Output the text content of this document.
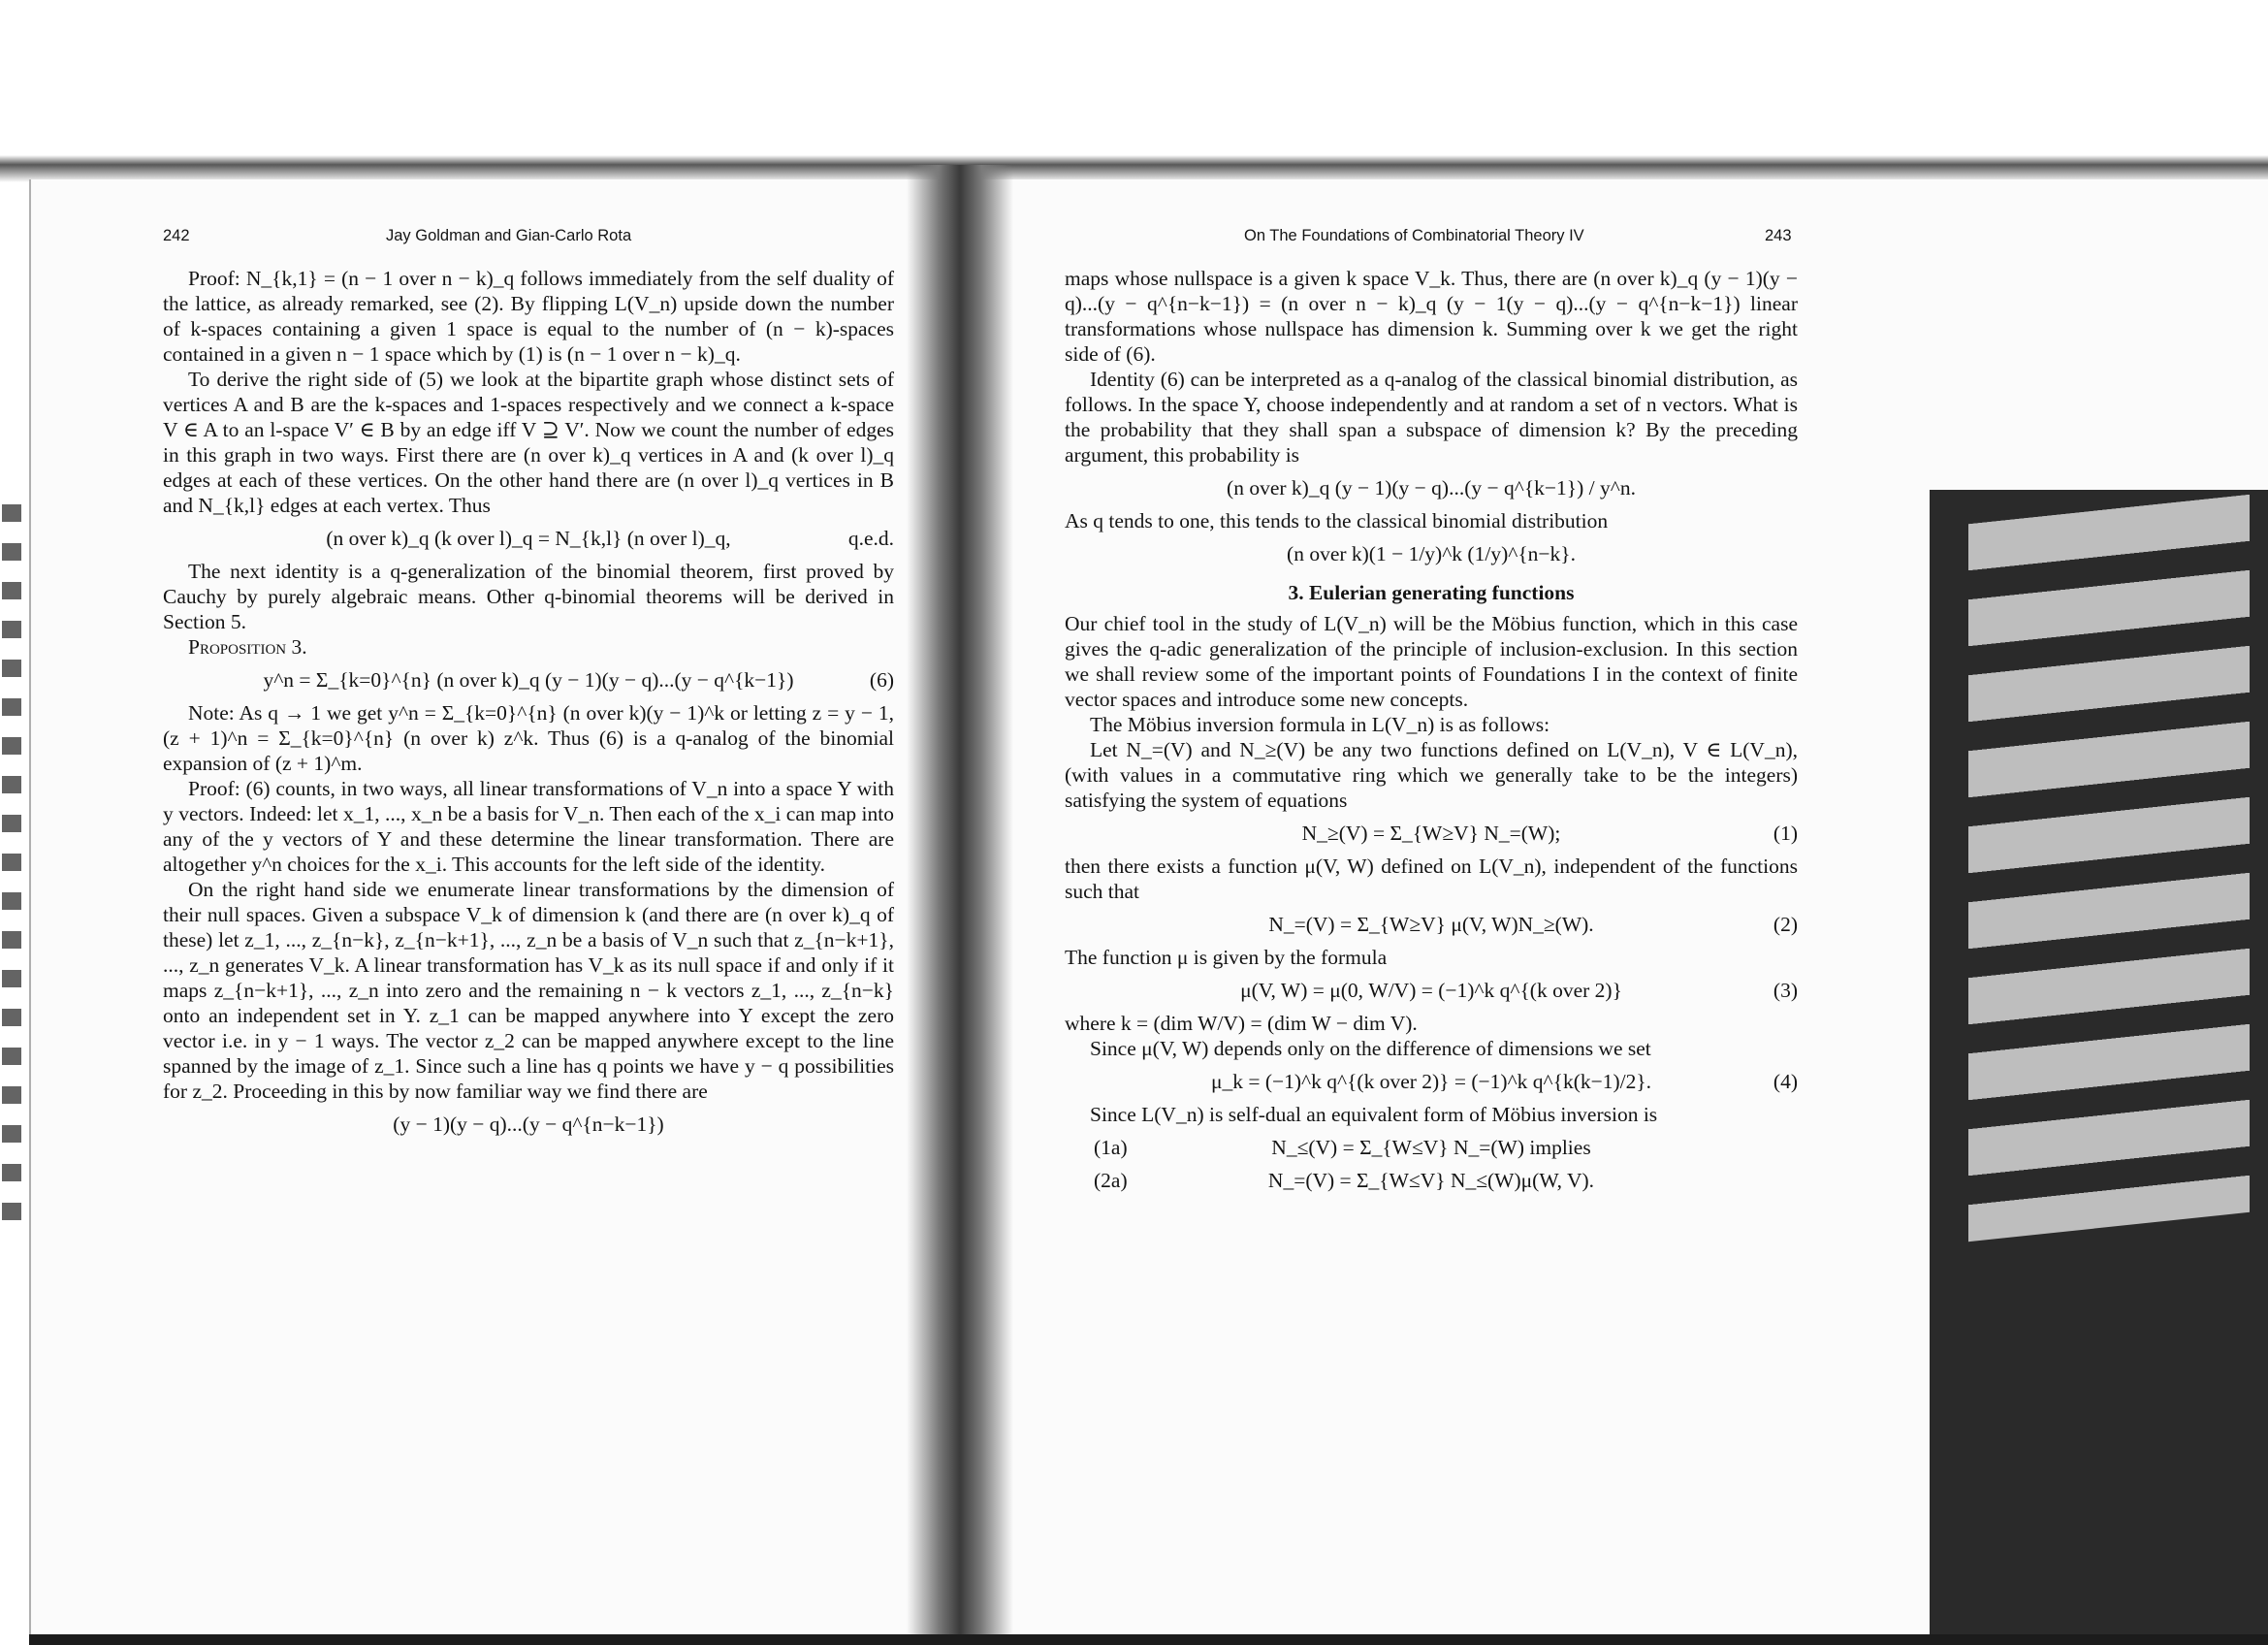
242	Jay Goldman and Gian-Carlo Rota

Proof: N_{k,1} = (n − 1 over n − k)_q follows immediately from the self duality of the lattice, as already remarked, see (2). By flipping L(V_n) upside down the number of k-spaces containing a given 1 space is equal to the number of (n − k)-spaces contained in a given n − 1 space which by (1) is (n − 1 over n − k)_q.

To derive the right side of (5) we look at the bipartite graph whose distinct sets of vertices A and B are the k-spaces and 1-spaces respectively and we connect a k-space V ∈ A to an l-space V′ ∈ B by an edge iff V ⊇ V′. Now we count the number of edges in this graph in two ways. First there are (n over k)_q vertices in A and (k over l)_q edges at each of these vertices. On the other hand there are (n over l)_q vertices in B and N_{k,l} edges at each vertex. Thus

(n over k)_q (k over l)_q = N_{k,l} (n over l)_q,	q.e.d.

The next identity is a q-generalization of the binomial theorem, first proved by Cauchy by purely algebraic means. Other q-binomial theorems will be derived in Section 5.

Proposition 3.

y^n = Σ_{k=0}^{n} (n over k)_q (y − 1)(y − q)...(y − q^{k−1})	(6)

Note: As q → 1 we get y^n = Σ_{k=0}^{n} (n over k)(y − 1)^k or letting z = y − 1, (z + 1)^n = Σ_{k=0}^{n} (n over k) z^k. Thus (6) is a q-analog of the binomial expansion of (z + 1)^m.

Proof: (6) counts, in two ways, all linear transformations of V_n into a space Y with y vectors. Indeed: let x_1, ..., x_n be a basis for V_n. Then each of the x_i can map into any of the y vectors of Y and these determine the linear transformation. There are altogether y^n choices for the x_i. This accounts for the left side of the identity.

On the right hand side we enumerate linear transformations by the dimension of their null spaces. Given a subspace V_k of dimension k (and there are (n over k)_q of these) let z_1, ..., z_{n−k}, z_{n−k+1}, ..., z_n be a basis of V_n such that z_{n−k+1}, ..., z_n generates V_k. A linear transformation has V_k as its null space if and only if it maps z_{n−k+1}, ..., z_n into zero and the remaining n − k vectors z_1, ..., z_{n−k} onto an independent set in Y. z_1 can be mapped anywhere into Y except the zero vector i.e. in y − 1 ways. The vector z_2 can be mapped anywhere except to the line spanned by the image of z_1. Since such a line has q points we have y − q possibilities for z_2. Proceeding in this by now familiar way we find there are

(y − 1)(y − q)...(y − q^{n−k−1})
On The Foundations of Combinatorial Theory IV	243

maps whose nullspace is a given k space V_k. Thus, there are (n over k)_q (y − 1)(y − q)...(y − q^{n−k−1}) = (n over n − k)_q (y − 1(y − q)...(y − q^{n−k−1}) linear transformations whose nullspace has dimension k. Summing over k we get the right side of (6).

Identity (6) can be interpreted as a q-analog of the classical binomial distribution, as follows. In the space Y, choose independently and at random a set of n vectors. What is the probability that they shall span a subspace of dimension k? By the preceding argument, this probability is

(n over k)_q (y − 1)(y − q)...(y − q^{k−1}) / y^n.

As q tends to one, this tends to the classical binomial distribution

(n over k)(1 − 1/y)^k (1/y)^{n−k}.

3. Eulerian generating functions

Our chief tool in the study of L(V_n) will be the Möbius function, which in this case gives the q-adic generalization of the principle of inclusion-exclusion. In this section we shall review some of the important points of Foundations I in the context of finite vector spaces and introduce some new concepts.

The Möbius inversion formula in L(V_n) is as follows:

Let N_=(V) and N_≥(V) be any two functions defined on L(V_n), V ∈ L(V_n), (with values in a commutative ring which we generally take to be the integers) satisfying the system of equations

N_≥(V) = Σ_{W≥V} N_=(W);	(1)

then there exists a function μ(V, W) defined on L(V_n), independent of the functions such that

N_=(V) = Σ_{W≥V} μ(V, W)N_≥(W).	(2)

The function μ is given by the formula

μ(V, W) = μ(0, W/V) = (−1)^k q^{(k over 2)}	(3)

where k = (dim W/V) = (dim W − dim V).

Since μ(V, W) depends only on the difference of dimensions we set

μ_k = (−1)^k q^{(k over 2)} = (−1)^k q^{k(k−1)/2}.	(4)

Since L(V_n) is self-dual an equivalent form of Möbius inversion is

(1a)	N_≤(V) = Σ_{W≤V} N_=(W) implies
(2a)	N_=(V) = Σ_{W≤V} N_≤(W)μ(W, V).
